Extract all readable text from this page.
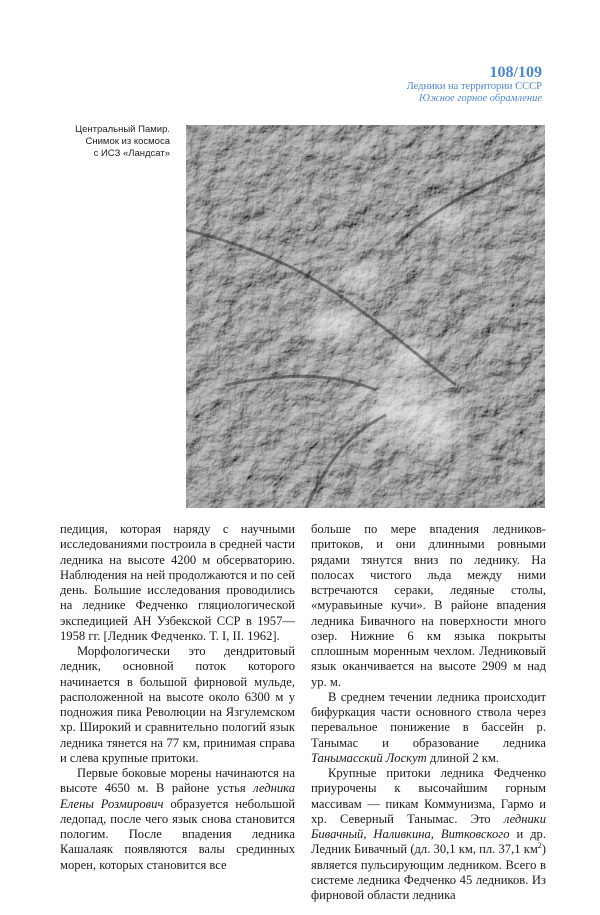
108/109
Ледники на территории СССР
Южное горное обрамление
Центральный Памир.
Снимок из космоса
с ИСЗ «Ландсат»

педиция, которая наряду с научными исследованиями построила в средней части ледника на высоте 4200 м обсерваторию. Наблюдения на ней продолжаются и по сей день. Большие исследования проводились на леднике Федченко гляциологической экспедицией АН Узбекской ССР в 1957—1958 гг. [Ледник Федченко. Т. I, II. 1962].

Морфологически это дендритовый ледник, основной поток которого начинается в большой фирновой мульде, расположенной на высоте около 6300 м у подножия пика Революции на Язгулемском хр. Широкий и сравнительно пологий язык ледника тянется на 77 км, принимая справа и слева крупные притоки.

Первые боковые морены начинаются на высоте 4650 м. В районе устья ледника Елены Розмирович образуется небольшой ледопад, после чего язык снова становится пологим. После впадения ледника Кашалаяк появляются валы срединных морен, которых становится все

больше по мере впадения ледников-притоков, и они длинными ровными рядами тянутся вниз по леднику. На полосах чистого льда между ними встречаются сераки, ледяные столы, «муравьиные кучи». В районе впадения ледника Бивачного на поверхности много озер. Нижние 6 км языка покрыты сплошным моренным чехлом. Ледниковый язык оканчивается на высоте 2909 м над ур. м.

В среднем течении ледника происходит бифуркация части основного ствола через перевальное понижение в бассейн р. Танымас и образование ледника Танымасский Лоскут длиной 2 км.

Крупные притоки ледника Федченко приурочены к высочайшим горным массивам — пикам Коммунизма, Гармо и хр. Северный Танымас. Это ледники Бивачный, Наливкина, Витковского и др. Ледник Бивачный (дл. 30,1 км, пл. 37,1 $км^2$) является пульсирующим ледником. Всего в системе ледника Федченко 45 ледников. Из фирновой области ледника
